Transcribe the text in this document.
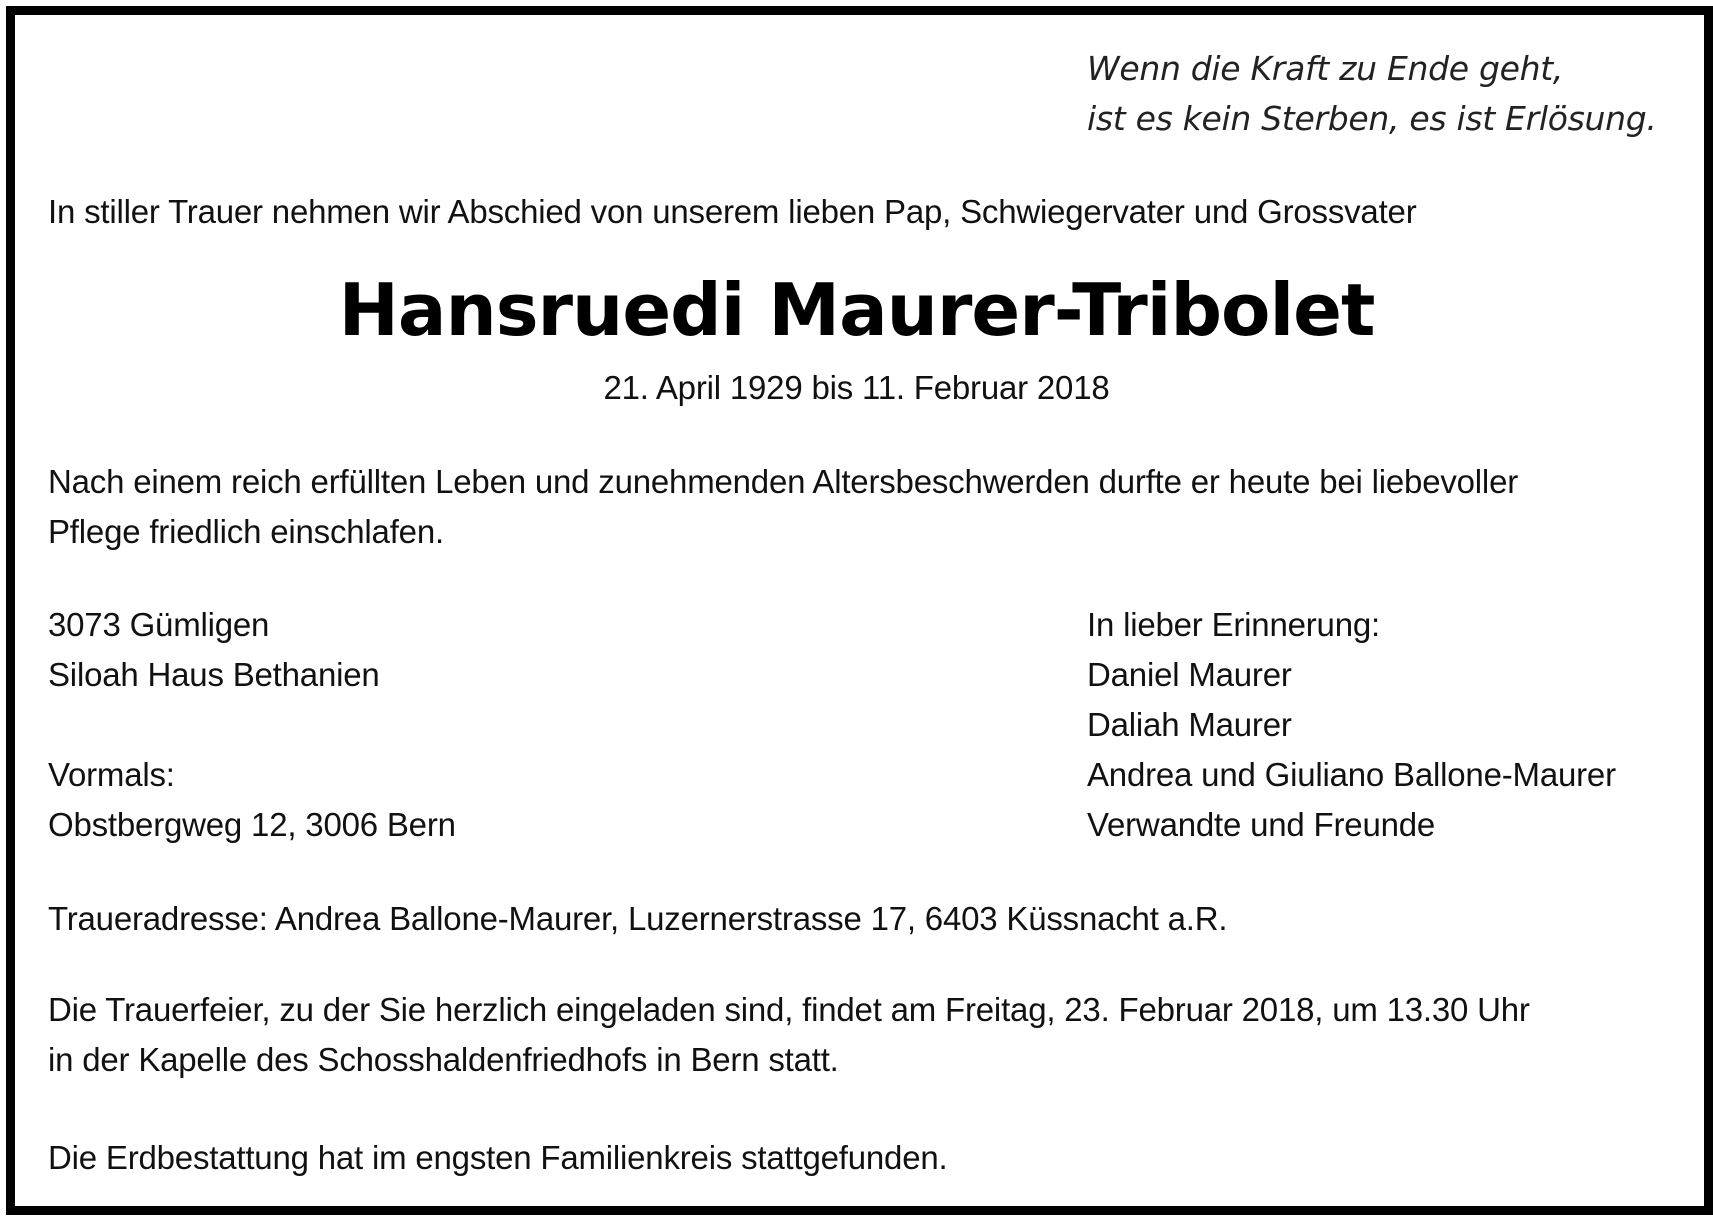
Wenn die Kraft zu Ende geht,
ist es kein Sterben, es ist Erlösung.
In stiller Trauer nehmen wir Abschied von unserem lieben Pap, Schwiegervater und Grossvater
Hansruedi Maurer-Tribolet
21. April 1929 bis 11. Februar 2018
Nach einem reich erfüllten Leben und zunehmenden Altersbeschwerden durfte er heute bei liebevoller
Pflege friedlich einschlafen.
3073 Gümligen
Siloah Haus Bethanien
Vormals:
Obstbergweg 12, 3006 Bern
In lieber Erinnerung:
Daniel Maurer
Daliah Maurer
Andrea und Giuliano Ballone-Maurer
Verwandte und Freunde
Traueradresse: Andrea Ballone-Maurer, Luzernerstrasse 17, 6403 Küssnacht a.R.
Die Trauerfeier, zu der Sie herzlich eingeladen sind, findet am Freitag, 23. Februar 2018, um 13.30 Uhr
in der Kapelle des Schosshaldenfriedhofs in Bern statt.
Die Erdbestattung hat im engsten Familienkreis stattgefunden.
